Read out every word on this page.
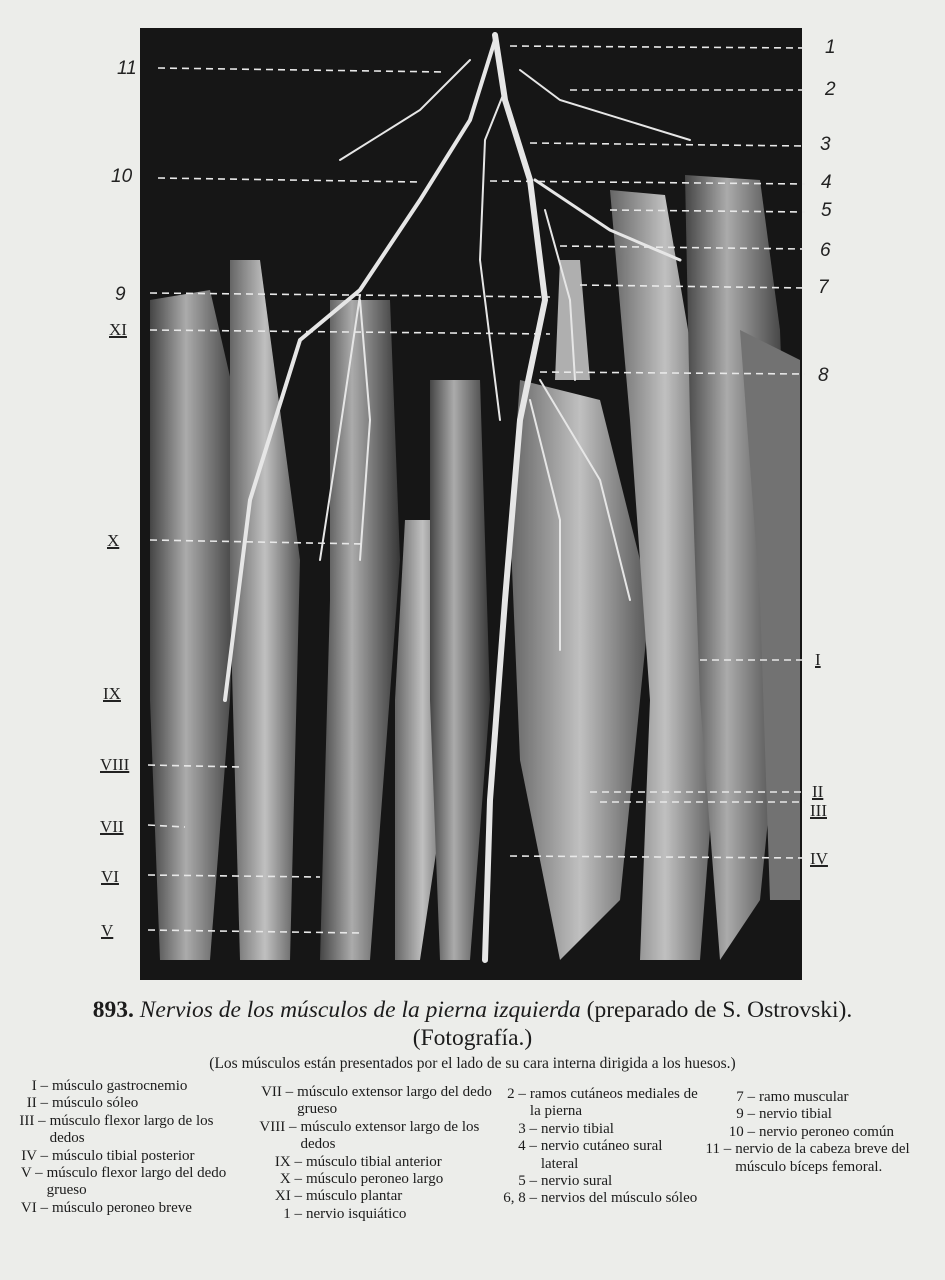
11
10
9
XI
X
IX
VIII
VII
VI
V
1
2
3
4
5
6
7
8
I
II
III
IV
893. Nervios de los músculos de la pierna izquierda (preparado de S. Ostrovski).
(Fotografía.)
(Los músculos están presentados por el lado de su cara interna dirigida a los huesos.)
I – músculo gastrocnemio
II – músculo sóleo
III – músculo flexor largo de los dedos
IV – músculo tibial posterior
V – músculo flexor largo del dedo grueso
VI – músculo peroneo breve
VII – músculo extensor largo del dedo grueso
VIII – músculo extensor largo de los dedos
IX – músculo tibial anterior
X – músculo peroneo largo
XI – músculo plantar
1 – nervio isquiático
2 – ramos cutáneos mediales de la pierna
3 – nervio tibial
4 – nervio cutáneo sural lateral
5 – nervio sural
6, 8 – nervios del músculo sóleo
7 – ramo muscular
9 – nervio tibial
10 – nervio peroneo común
11 – nervio de la cabeza breve del músculo bíceps femoral.
